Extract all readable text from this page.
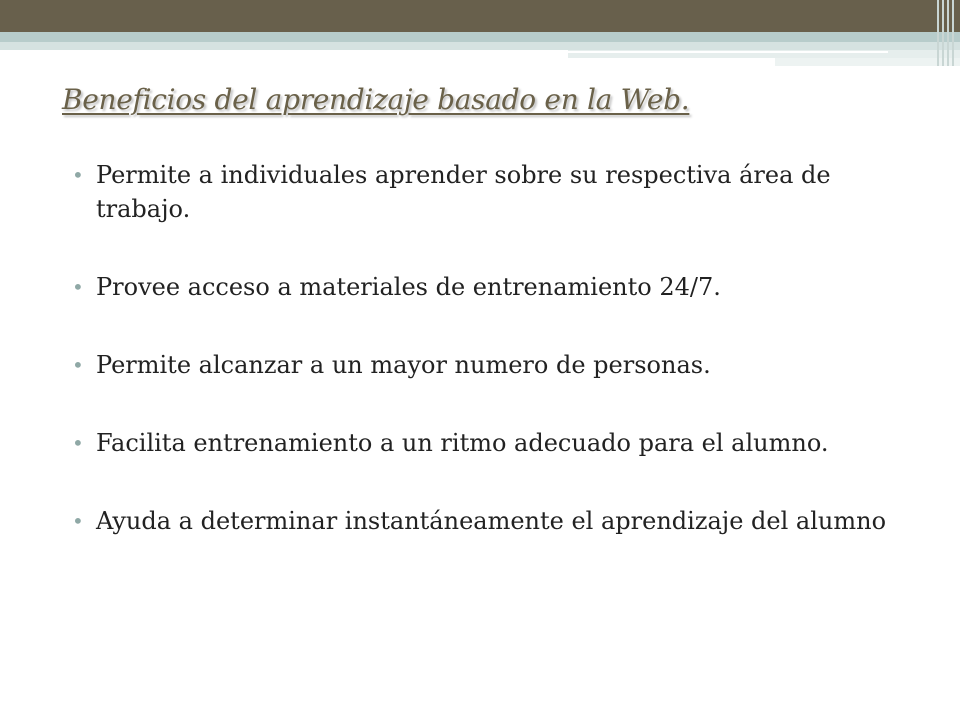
Beneficios del aprendizaje basado en la Web.
• Permite a individuales aprender sobre su respectiva área de trabajo.
• Provee acceso a materiales de entrenamiento 24/7.
• Permite alcanzar a un mayor numero de personas.
• Facilita entrenamiento a un ritmo adecuado para el alumno.
• Ayuda a determinar instantáneamente el aprendizaje del alumno
